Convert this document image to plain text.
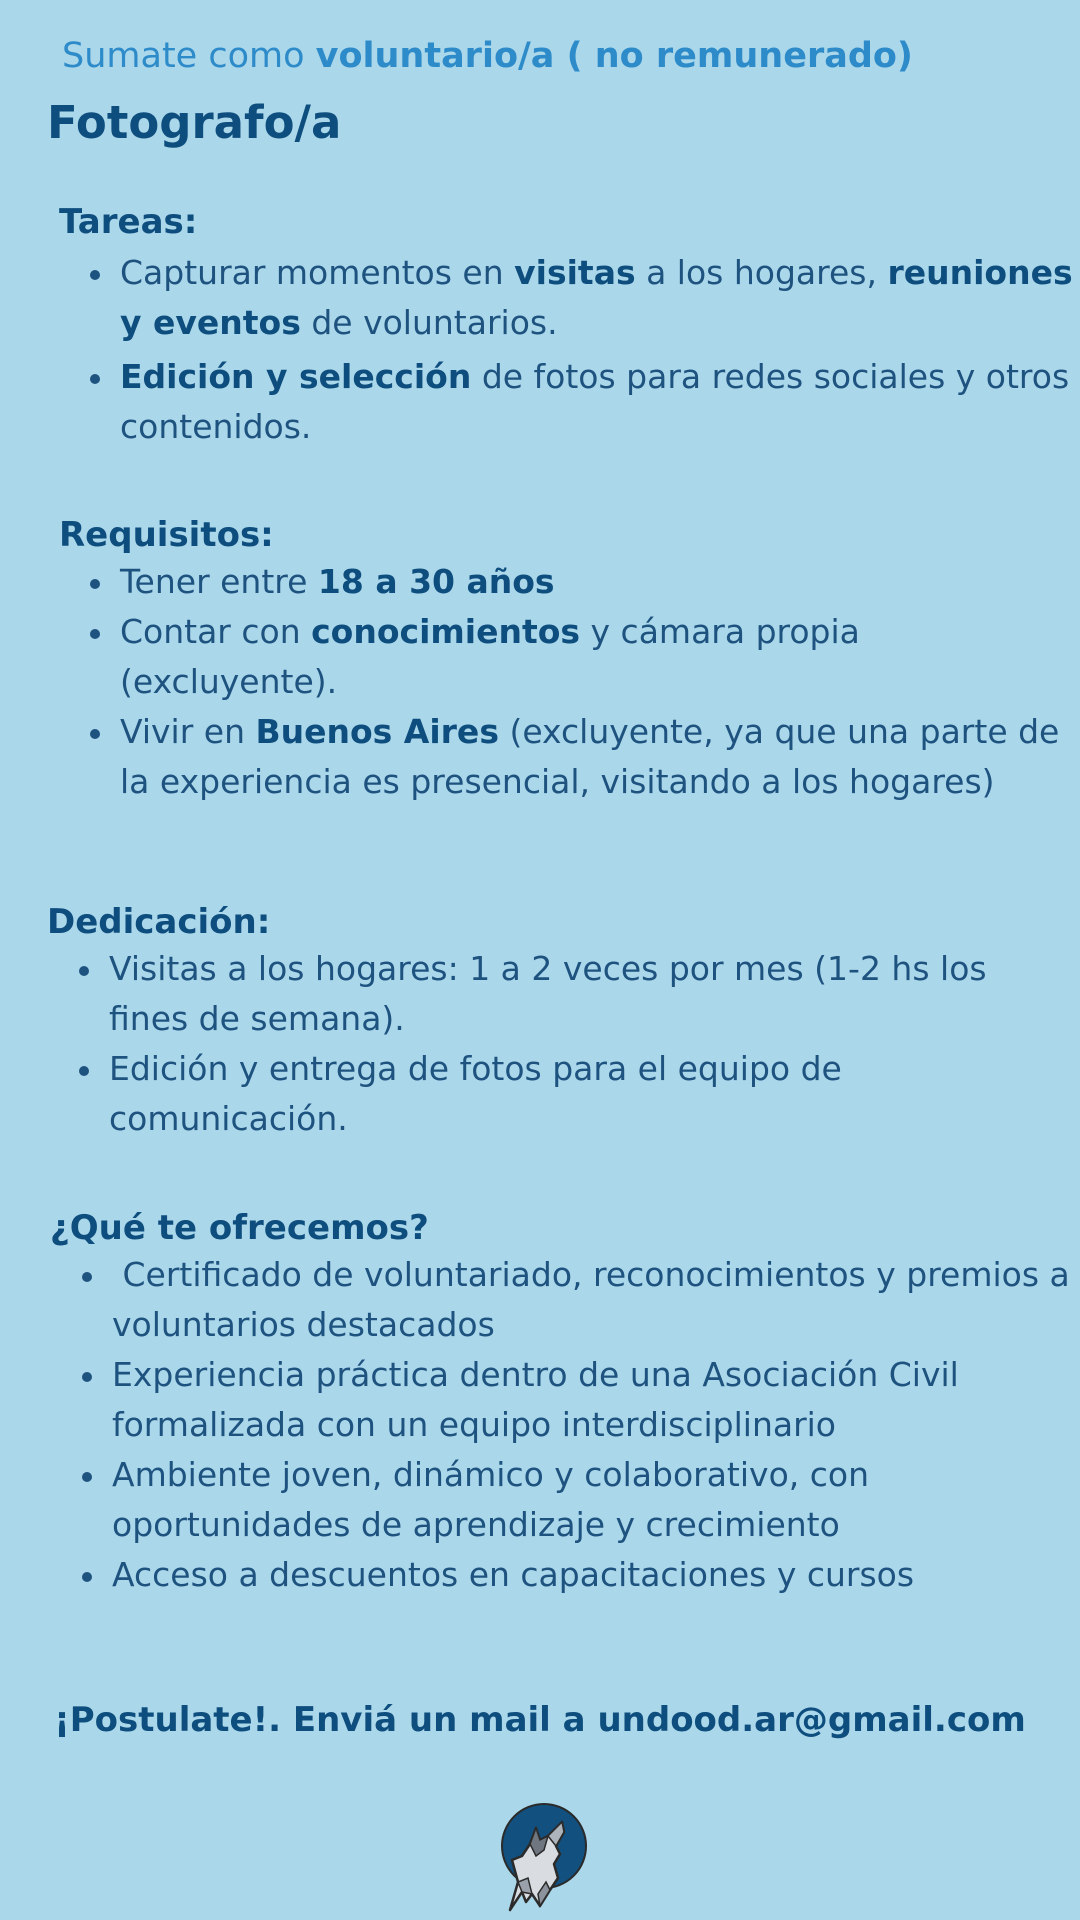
Sumate como voluntario/a ( no remunerado)
Fotografo/a
Tareas:
Capturar momentos en visitas a los hogares, reuniones y eventos de voluntarios.
Edición y selección de fotos para redes sociales y otros contenidos.
Requisitos:
Tener entre 18 a 30 años
Contar con conocimientos y cámara propia (excluyente).
Vivir en Buenos Aires (excluyente, ya que una parte de la experiencia es presencial, visitando a los hogares)
Dedicación:
Visitas a los hogares: 1 a 2 veces por mes (1-2 hs los fines de semana).
Edición y entrega de fotos para el equipo de comunicación.
¿Qué te ofrecemos?
Certificado de voluntariado, reconocimientos y premios a voluntarios destacados
Experiencia práctica dentro de una Asociación Civil formalizada con un equipo interdisciplinario
Ambiente joven, dinámico y colaborativo, con oportunidades de aprendizaje y crecimiento
Acceso a descuentos en capacitaciones y cursos
¡Postulate!. Enviá un mail a undood.ar@gmail.com
